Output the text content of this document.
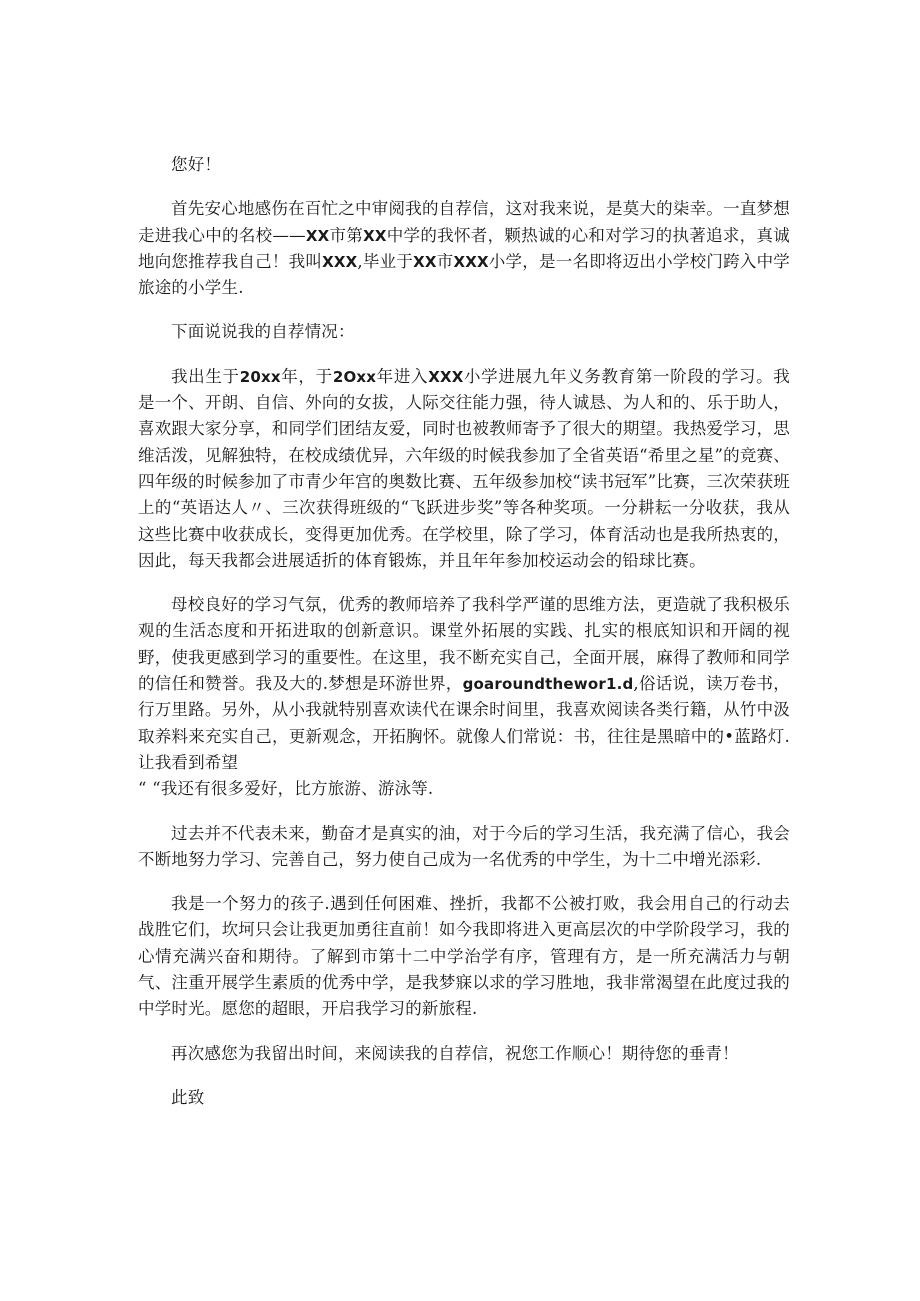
您好！

首先安心地感伤在百忙之中审阅我的自荐信，这对我来说，是莫大的柒幸。一直梦想走进我心中的名校——XX市第XX中学的我怀者，颗热诚的心和对学习的执著追求，真诚地向您推荐我自己！我叫XXX,毕业于XX市XXX小学，是一名即将迈出小学校门跨入中学旅途的小学生.

下面说说我的自荐情况：

我出生于20xx年，于2Oxx年进入XXX小学进展九年义务教育第一阶段的学习。我是一个、开朗、自信、外向的女拔，人际交往能力强，待人诚恳、为人和的、乐于助人，喜欢跟大家分享，和同学们团结友爱，同时也被教师寄予了很大的期望。我热爱学习，思维活泼，见解独特，在校成绩优异，六年级的时候我参加了全省英语“希里之星”的竞赛、四年级的时候参加了市青少年宫的奥数比赛、五年级参加校“读书冠军”比赛，三次荣获班上的“英语达人〃、三次获得班级的“飞跃进步奖”等各种奖项。一分耕耘一分收获，我从这些比赛中收获成长，变得更加优秀。在学校里，除了学习，体育活动也是我所热衷的，因此，每天我都会进展适折的体育锻炼，并且年年参加校运动会的铅球比赛。

母校良好的学习气氛，优秀的教师培养了我科学严谨的思维方法，更造就了我积极乐观的生活态度和开拓进取的创新意识。课堂外拓展的实践、扎实的根底知识和开阔的视野，使我更感到学习的重要性。在这里，我不断充实自己，全面开展，麻得了教师和同学的信任和赞誉。我及大的.梦想是环游世界，goaroundthewor1.d,俗话说，读万卷书，行万里路。另外，从小我就特别喜欢读代在课余时间里，我喜欢阅读各类行籍，从竹中汲取养料来充实自己，更新观念，开拓胸怀。就像人们常说：书，往往是黑暗中的•蓝路灯.让我看到希望
“ “我还有很多爱好，比方旅游、游泳等.

过去并不代表未来，勤奋才是真实的油，对于今后的学习生活，我充满了信心，我会不断地努力学习、完善自己，努力使自己成为一名优秀的中学生，为十二中增光添彩.

我是一个努力的孩子.遇到任何困难、挫折，我都不公被打败，我会用自己的行动去战胜它们，坎坷只会让我更加勇往直前！如今我即将进入更高层次的中学阶段学习，我的心情充满兴奋和期待。了解到市第十二中学治学有序，管理有方，是一所充满活力与朝气、注重开展学生素质的优秀中学，是我梦寐以求的学习胜地，我非常渴望在此度过我的中学时光。愿您的超眼，开启我学习的新旅程.

再次感您为我留出时间，来阅读我的自荐信，祝您工作顺心！期待您的垂青！

此致
